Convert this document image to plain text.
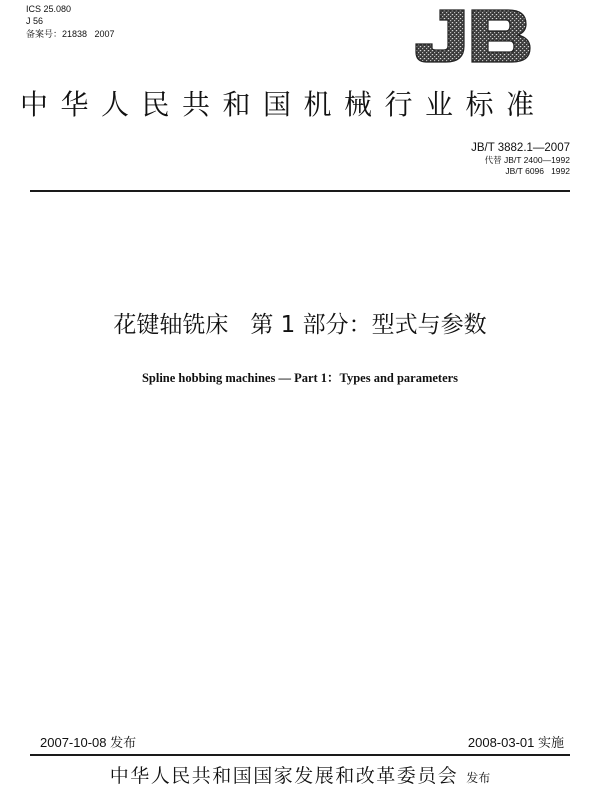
ICS 25.080
J 56
备案号：21838   2007
中华人民共和国机械行业标准
JB/T 3882.1—2007
代替 JB/T 2400—1992
JB/T 6096   1992
花键轴铣床   第 1 部分：型式与参数
Spline hobbing machines — Part 1：Types and parameters
2007-10-08 发布	2008-03-01 实施
中华人民共和国国家发展和改革委员会 发布
